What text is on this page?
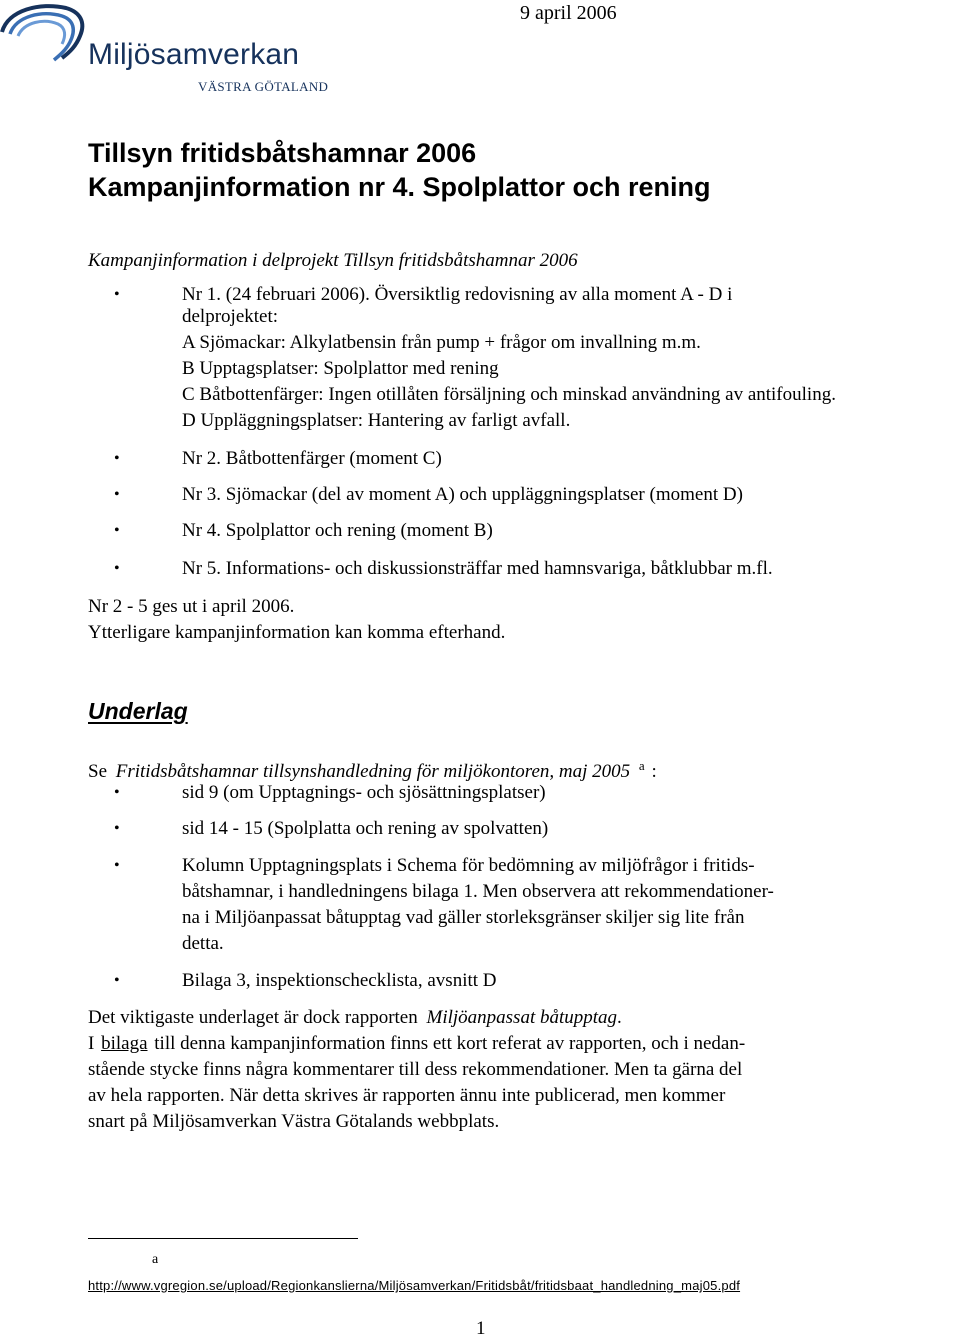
9 april 2006
Miljösamverkan
VÄSTRA GÖTALAND
Tillsyn fritidsbåtshamnar 2006
Kampanjinformation nr 4. Spolplattor och rening
Kampanjinformation i delprojekt Tillsyn fritidsbåtshamnar 2006
•	Nr 1. (24 februari 2006). Översiktlig redovisning av alla moment A - D i
delprojektet:
A Sjömackar: Alkylatbensin från pump + frågor om invallning m.m.
B Upptagsplatser: Spolplattor med rening
C Båtbottenfärger: Ingen otillåten försäljning och minskad användning av antifouling.
D Uppläggningsplatser: Hantering av farligt avfall.
•	Nr 2. Båtbottenfärger (moment C)
•	Nr 3. Sjömackar (del av moment A) och uppläggningsplatser (moment D)
•	Nr 4. Spolplattor och rening (moment B)
•	Nr 5. Informations- och diskussionsträffar med hamnsvariga, båtklubbar m.fl.
Nr 2 - 5 ges ut i april 2006.
Ytterligare kampanjinformation kan komma efterhand.
Underlag
Se Fritidsbåtshamnar tillsynshandledning för miljökontoren, maj 2005 $^a$ :
•	sid 9 (om Upptagnings- och sjösättningsplatser)
•	sid 14 - 15 (Spolplatta och rening av spolvatten)
•	Kolumn Upptagningsplats i Schema för bedömning av miljöfrågor i fritids-
båtshamnar, i handledningens bilaga 1. Men observera att rekommendationer-
na i Miljöanpassat båtupptag vad gäller storleksgränser skiljer sig lite från
detta.
•	Bilaga 3, inspektionschecklista, avsnitt D
Det viktigaste underlaget är dock rapporten Miljöanpassat båtupptag.
I bilaga till denna kampanjinformation finns ett kort referat av rapporten, och i nedan-
stående stycke finns några kommentarer till dess rekommendationer. Men ta gärna del
av hela rapporten. När detta skrives är rapporten ännu inte publicerad, men kommer
snart på Miljösamverkan Västra Götalands webbplats.
a
http://www.vgregion.se/upload/Regionkanslierna/Miljösamverkan/Fritidsbåt/fritidsbaat_handledning_maj05.pdf
1
